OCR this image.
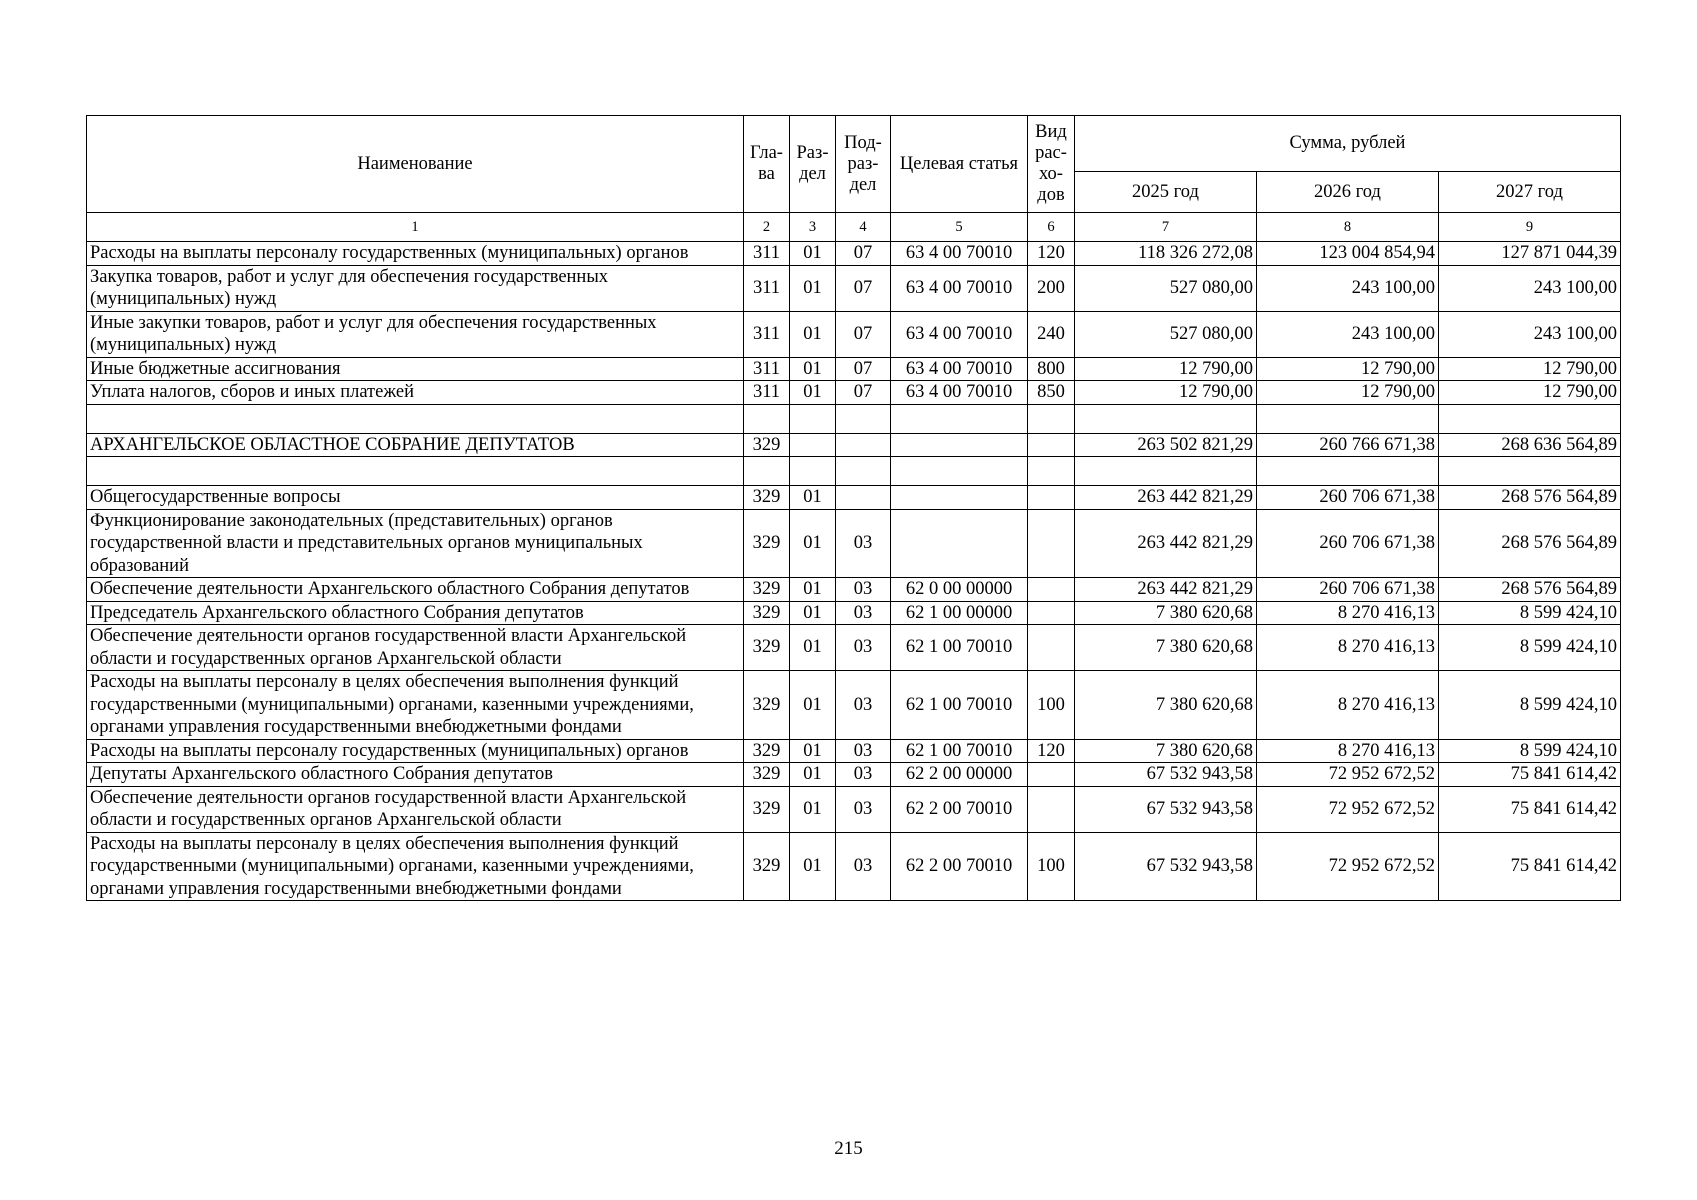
Наименование	Гла-ва	Раз-дел	Под-раз-дел	Целевая статья	Вид рас-хо-дов	Сумма, рублей		
						2025 год	2026 год	2027 год
1	2	3	4	5	6	7	8	9
Расходы на выплаты персоналу государственных (муниципальных) органов	311	01	07	63 4 00 70010	120	118 326 272,08	123 004 854,94	127 871 044,39
Закупка товаров, работ и услуг для обеспечения государственных (муниципальных) нужд	311	01	07	63 4 00 70010	200	527 080,00	243 100,00	243 100,00
Иные закупки товаров, работ и услуг для обеспечения государственных (муниципальных) нужд	311	01	07	63 4 00 70010	240	527 080,00	243 100,00	243 100,00
Иные бюджетные ассигнования	311	01	07	63 4 00 70010	800	12 790,00	12 790,00	12 790,00
Уплата налогов, сборов и иных платежей	311	01	07	63 4 00 70010	850	12 790,00	12 790,00	12 790,00

АРХАНГЕЛЬСКОЕ ОБЛАСТНОЕ СОБРАНИЕ ДЕПУТАТОВ	329					263 502 821,29	260 766 671,38	268 636 564,89

Общегосударственные вопросы	329	01				263 442 821,29	260 706 671,38	268 576 564,89
Функционирование законодательных (представительных) органов государственной власти и представительных органов муниципальных образований	329	01	03			263 442 821,29	260 706 671,38	268 576 564,89
Обеспечение деятельности Архангельского областного Собрания депутатов	329	01	03	62 0 00 00000		263 442 821,29	260 706 671,38	268 576 564,89
Председатель Архангельского областного Собрания депутатов	329	01	03	62 1 00 00000		7 380 620,68	8 270 416,13	8 599 424,10
Обеспечение деятельности органов государственной власти Архангельской области и государственных органов Архангельской области	329	01	03	62 1 00 70010		7 380 620,68	8 270 416,13	8 599 424,10
Расходы на выплаты персоналу в целях обеспечения выполнения функций государственными (муниципальными) органами, казенными учреждениями, органами управления государственными внебюджетными фондами	329	01	03	62 1 00 70010	100	7 380 620,68	8 270 416,13	8 599 424,10
Расходы на выплаты персоналу государственных (муниципальных) органов	329	01	03	62 1 00 70010	120	7 380 620,68	8 270 416,13	8 599 424,10
Депутаты Архангельского областного Собрания депутатов	329	01	03	62 2 00 00000		67 532 943,58	72 952 672,52	75 841 614,42
Обеспечение деятельности органов государственной власти Архангельской области и государственных органов Архангельской области	329	01	03	62 2 00 70010		67 532 943,58	72 952 672,52	75 841 614,42
Расходы на выплаты персоналу в целях обеспечения выполнения функций государственными (муниципальными) органами, казенными учреждениями, органами управления государственными внебюджетными фондами	329	01	03	62 2 00 70010	100	67 532 943,58	72 952 672,52	75 841 614,42
215
